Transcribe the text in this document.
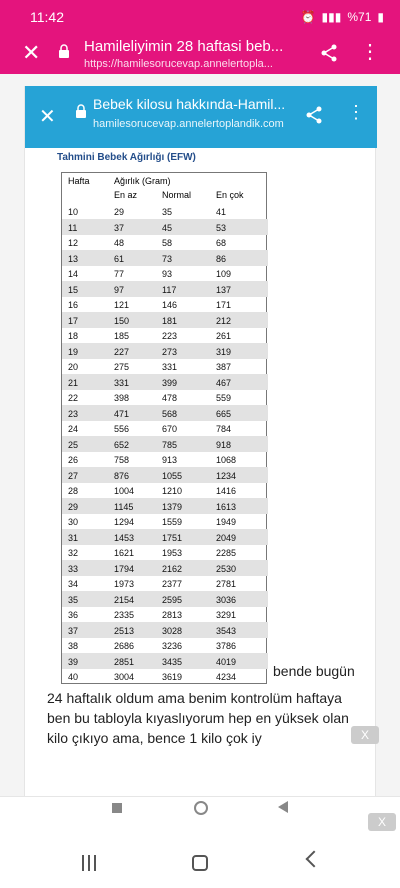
11:42	⏰ ▮▮▮ %71 ▮
✕	Hamileliyimin 28 haftasi beb...
https://hamilesorucevap.annelertopla...
⋮
✕
Bebek kilosu hakkında-Hamil...
hamilesorucevap.annelertoplandik.com
⋮
Tahmini Bebek Ağırlığı (EFW)
Hafta	Ağırlık (Gram)
En az	Normal	En çok
10	29	35	41
11	37	45	53
12	48	58	68
13	61	73	86
14	77	93	109
15	97	117	137
16	121	146	171
17	150	181	212
18	185	223	261
19	227	273	319
20	275	331	387
21	331	399	467
22	398	478	559
23	471	568	665
24	556	670	784
25	652	785	918
26	758	913	1068
27	876	1055	1234
28	1004	1210	1416
29	1145	1379	1613
30	1294	1559	1949
31	1453	1751	2049
32	1621	1953	2285
33	1794	2162	2530
34	1973	2377	2781
35	2154	2595	3036
36	2335	2813	3291
37	2513	3028	3543
38	2686	3236	3786
39	2851	3435	4019
40	3004	3619	4234	bende bugün
24 haftalık oldum ama benim kontrolüm haftaya ben bu tabloyla kıyaslıyorum hep en yüksek olan kilo çıkıyo ama, bence 1 kilo çok iy	X
X
